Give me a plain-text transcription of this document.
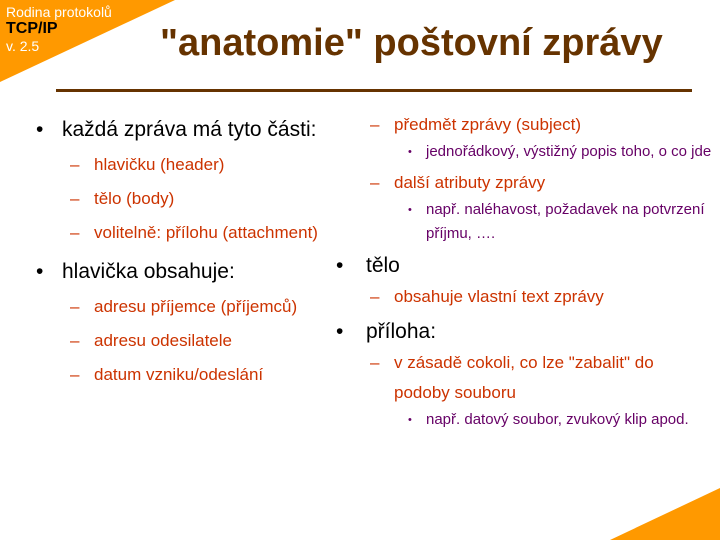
Rodina protokolů
TCP/IP
v. 2.5	"anatomie" poštovní zprávy
• každá zpráva má tyto části:
– hlavičku (header)
– tělo (body)
– volitelně: přílohu (attachment)
• hlavička obsahuje:
– adresu příjemce (příjemců)
– adresu odesilatele
– datum vzniku/odeslání
– předmět zprávy (subject)
• jednořádkový, výstižný popis toho, o co jde
– další atributy zprávy
• např. naléhavost, požadavek na potvrzení příjmu, ….
• tělo
– obsahuje vlastní text zprávy
• příloha:
– v zásadě cokoli, co lze "zabalit" do podoby souboru
• např. datový soubor, zvukový klip apod.
